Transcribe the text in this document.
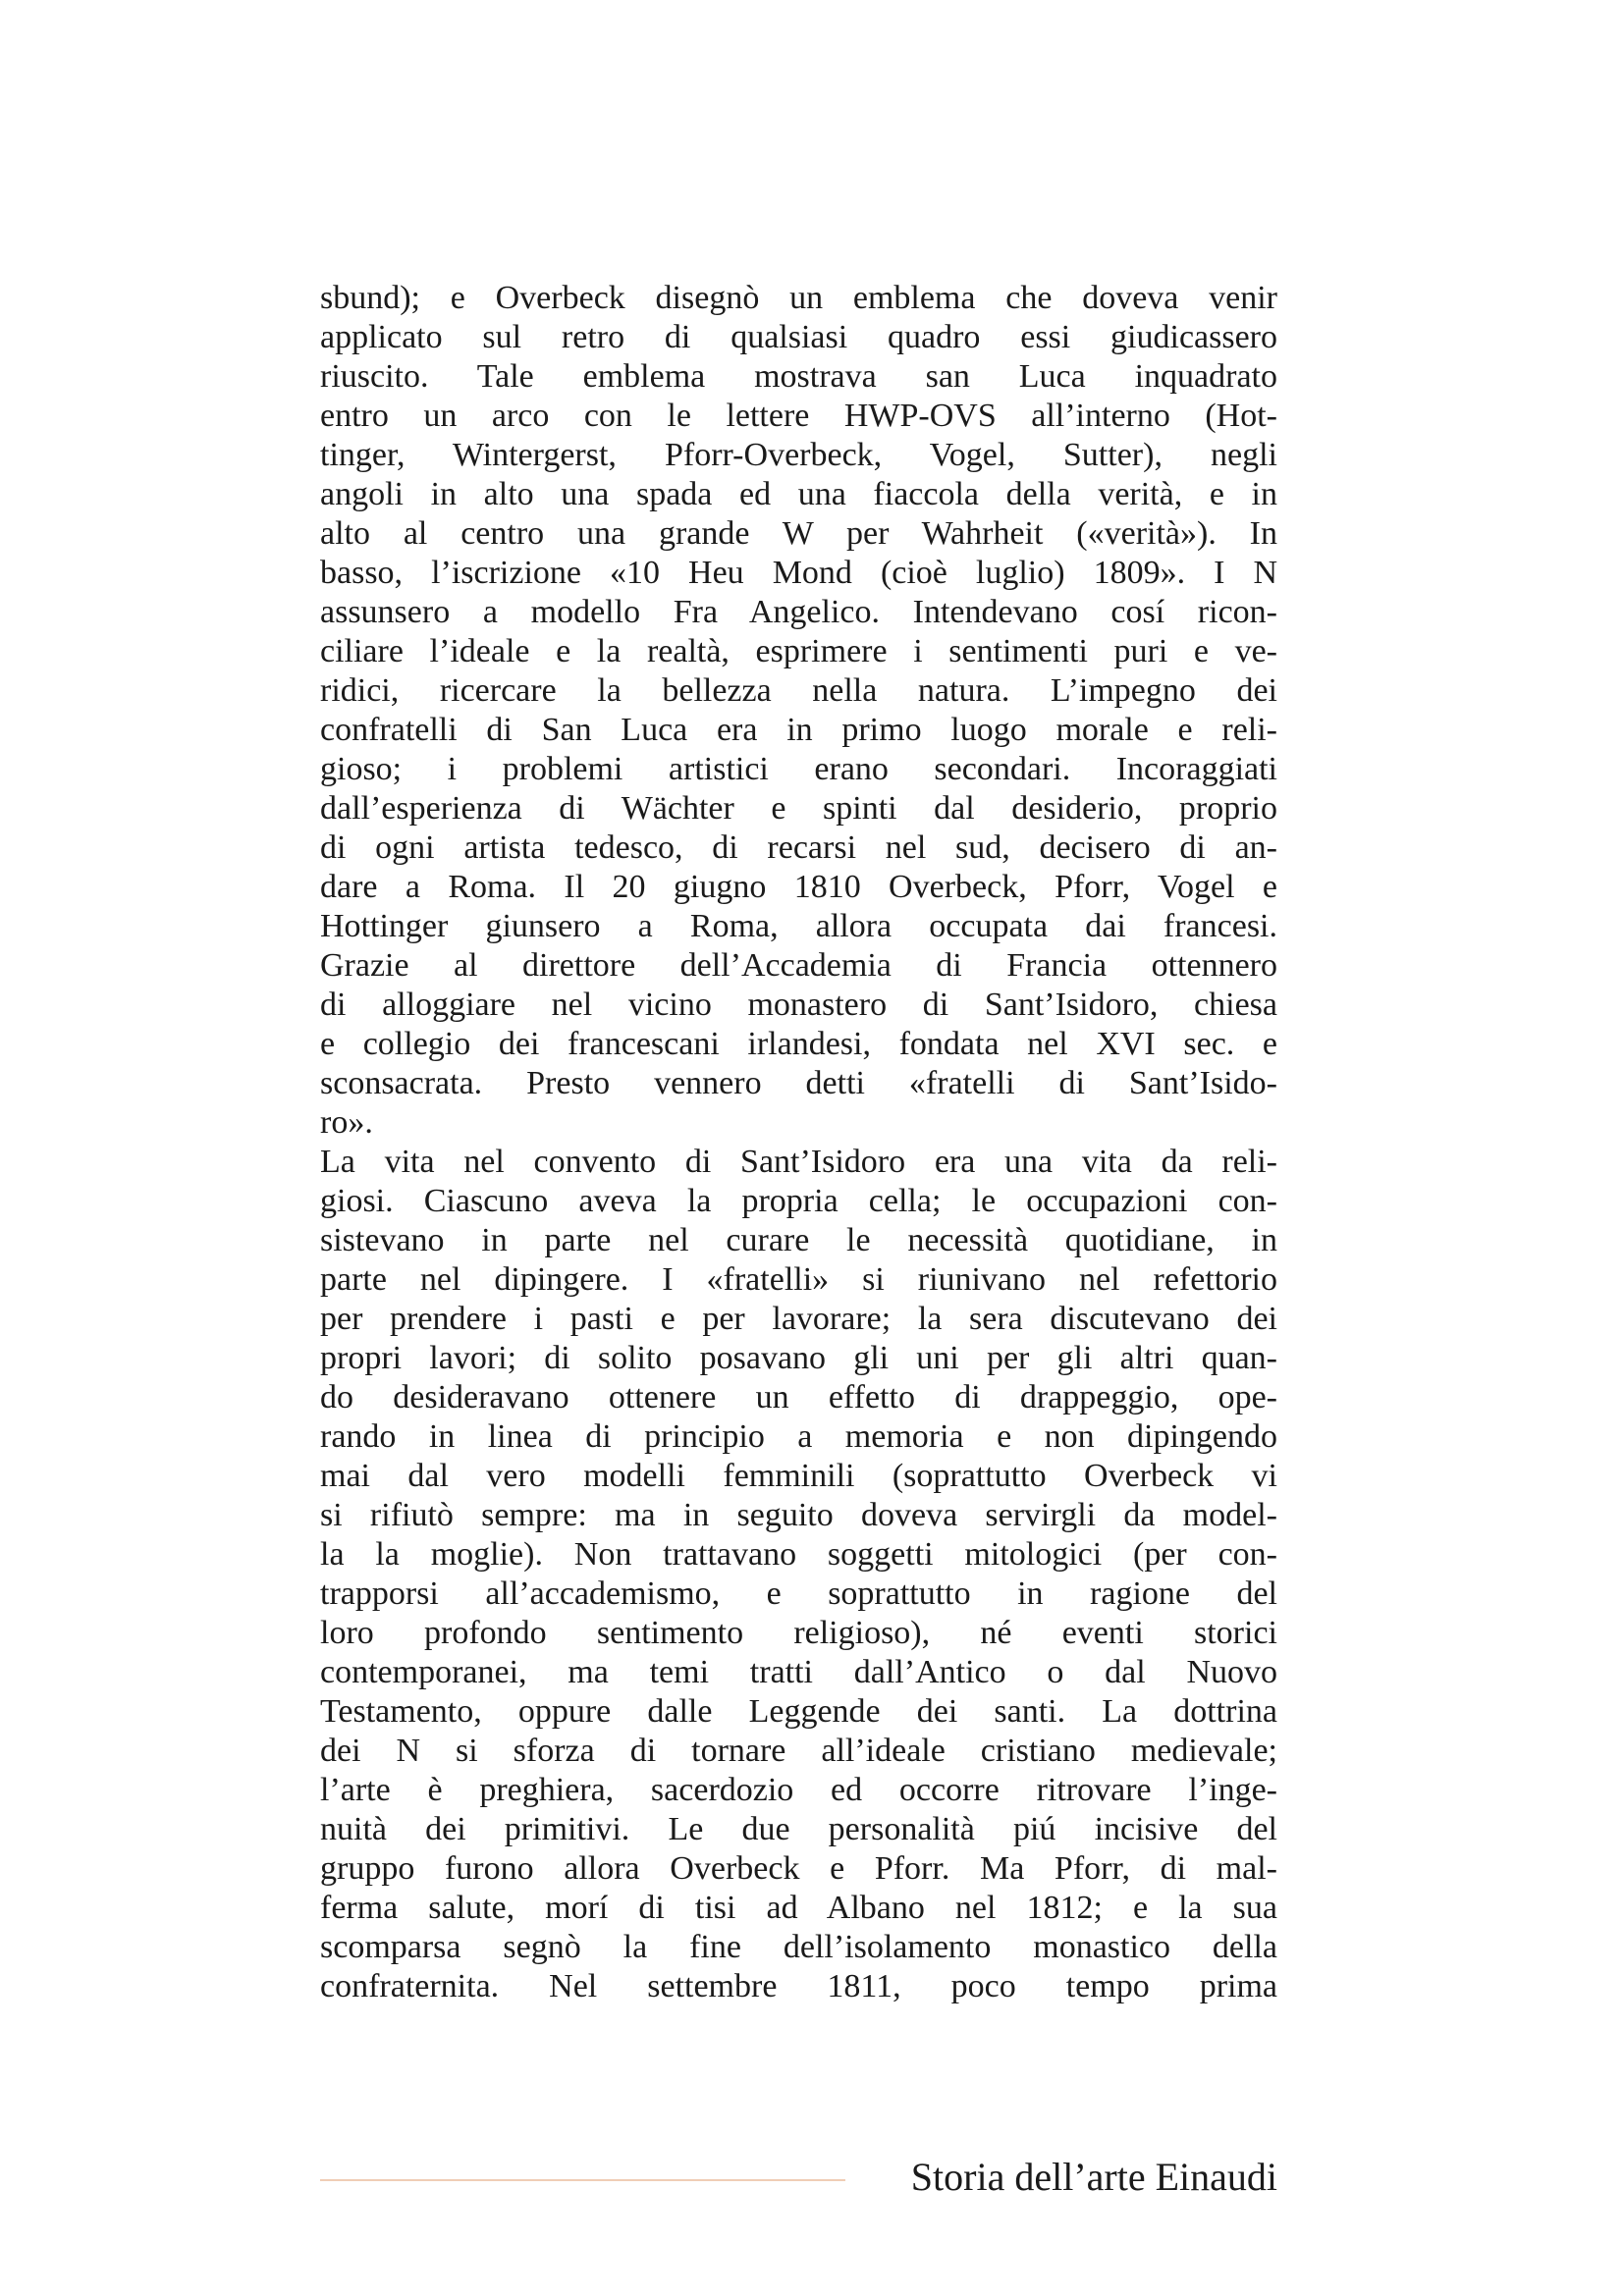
sbund); e Overbeck disegnò un emblema che doveva venir
applicato sul retro di qualsiasi quadro essi giudicassero
riuscito. Tale emblema mostrava san Luca inquadrato
entro un arco con le lettere HWP-OVS all’interno (Hot-
tinger, Wintergerst, Pforr-Overbeck, Vogel, Sutter), negli
angoli in alto una spada ed una fiaccola della verità, e in
alto al centro una grande W per Wahrheit («verità»). In
basso, l’iscrizione «10 Heu Mond (cioè luglio) 1809». I N
assunsero a modello Fra Angelico. Intendevano cosí ricon-
ciliare l’ideale e la realtà, esprimere i sentimenti puri e ve-
ridici, ricercare la bellezza nella natura. L’impegno dei
confratelli di San Luca era in primo luogo morale e reli-
gioso; i problemi artistici erano secondari. Incoraggiati
dall’esperienza di Wächter e spinti dal desiderio, proprio
di ogni artista tedesco, di recarsi nel sud, decisero di an-
dare a Roma. Il 20 giugno 1810 Overbeck, Pforr, Vogel e
Hottinger giunsero a Roma, allora occupata dai francesi.
Grazie al direttore dell’Accademia di Francia ottennero
di alloggiare nel vicino monastero di Sant’Isidoro, chiesa
e collegio dei francescani irlandesi, fondata nel XVI sec. e
sconsacrata. Presto vennero detti «fratelli di Sant’Isido-
ro».
La vita nel convento di Sant’Isidoro era una vita da reli-
giosi. Ciascuno aveva la propria cella; le occupazioni con-
sistevano in parte nel curare le necessità quotidiane, in
parte nel dipingere. I «fratelli» si riunivano nel refettorio
per prendere i pasti e per lavorare; la sera discutevano dei
propri lavori; di solito posavano gli uni per gli altri quan-
do desideravano ottenere un effetto di drappeggio, ope-
rando in linea di principio a memoria e non dipingendo
mai dal vero modelli femminili (soprattutto Overbeck vi
si rifiutò sempre: ma in seguito doveva servirgli da model-
la la moglie). Non trattavano soggetti mitologici (per con-
trapporsi all’accademismo, e soprattutto in ragione del
loro profondo sentimento religioso), né eventi storici
contemporanei, ma temi tratti dall’Antico o dal Nuovo
Testamento, oppure dalle Leggende dei santi. La dottrina
dei N si sforza di tornare all’ideale cristiano medievale;
l’arte è preghiera, sacerdozio ed occorre ritrovare l’inge-
nuità dei primitivi. Le due personalità piú incisive del
gruppo furono allora Overbeck e Pforr. Ma Pforr, di mal-
ferma salute, morí di tisi ad Albano nel 1812; e la sua
scomparsa segnò la fine dell’isolamento monastico della
confraternita. Nel settembre 1811, poco tempo prima
Storia dell’arte Einaudi
